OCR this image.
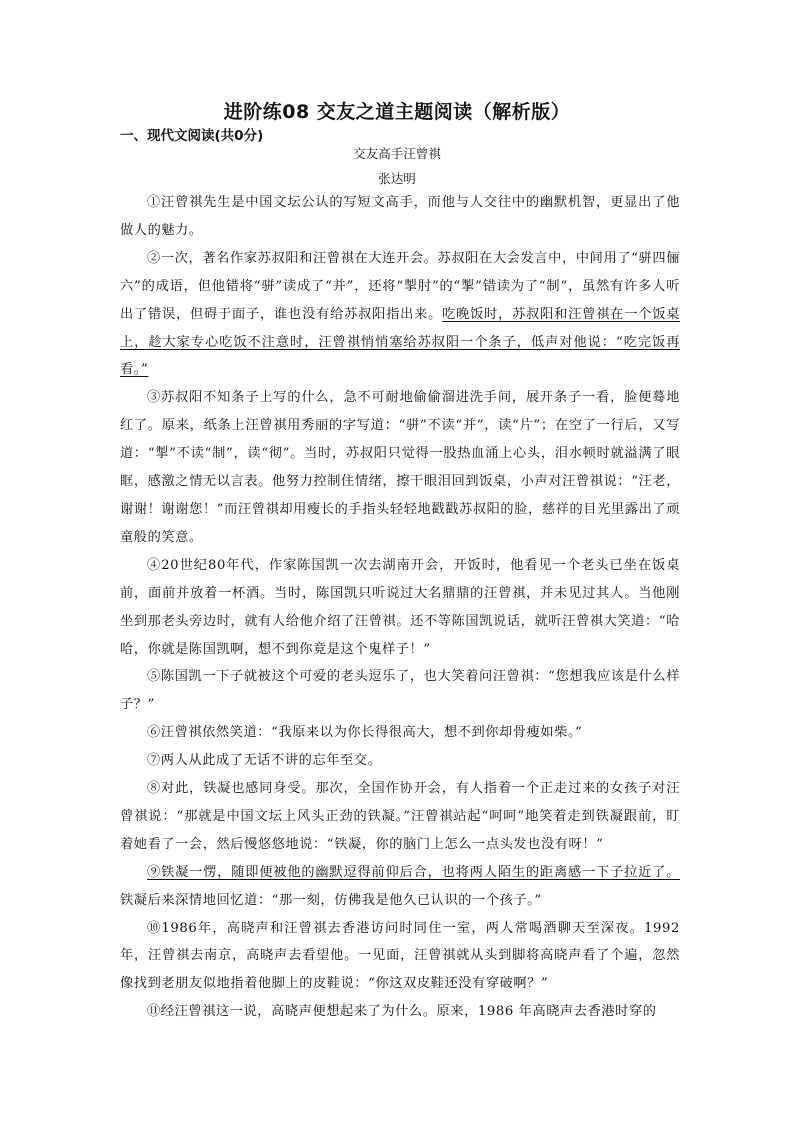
进阶练08 交友之道主题阅读（解析版）
一、现代文阅读(共0分)
交友高手汪曾祺
张达明

①汪曾祺先生是中国文坛公认的写短文高手，而他与人交往中的幽默机智，更显出了他做人的魅力。

②一次，著名作家苏叔阳和汪曾祺在大连开会。苏叔阳在大会发言中，中间用了“骈四俪六”的成语，但他错将“骈”读成了“并”，还将“掣肘”的“掣”错读为了“制”，虽然有许多人听出了错误，但碍于面子，谁也没有给苏叔阳指出来。吃晚饭时，苏叔阳和汪曾祺在一个饭桌上，趁大家专心吃饭不注意时，汪曾祺悄悄塞给苏叔阳一个条子，低声对他说：“吃完饭再看。”

③苏叔阳不知条子上写的什么，急不可耐地偷偷溜进洗手间，展开条子一看，脸便蓦地红了。原来，纸条上汪曾祺用秀丽的字写道：“骈”不读“并”，读“片”；在空了一行后，又写道：“掣”不读“制”，读“彻”。当时，苏叔阳只觉得一股热血涌上心头，泪水顿时就溢满了眼眶，感激之情无以言表。他努力控制住情绪，擦干眼泪回到饭桌，小声对汪曾祺说：“汪老，谢谢！谢谢您！”而汪曾祺却用瘦长的手指头轻轻地戳戳苏叔阳的脸，慈祥的目光里露出了顽童般的笑意。

④20世纪80年代，作家陈国凯一次去湖南开会，开饭时，他看见一个老头已坐在饭桌前，面前并放着一杯酒。当时，陈国凯只听说过大名鼎鼎的汪曾祺，并未见过其人。当他刚坐到那老头旁边时，就有人给他介绍了汪曾祺。还不等陈国凯说话，就听汪曾祺大笑道：“哈哈，你就是陈国凯啊，想不到你竟是这个鬼样子！”

⑤陈国凯一下子就被这个可爱的老头逗乐了，也大笑着问汪曾祺：“您想我应该是什么样子？”

⑥汪曾祺依然笑道：“我原来以为你长得很高大，想不到你却骨瘦如柴。”

⑦两人从此成了无话不讲的忘年至交。

⑧对此，铁凝也感同身受。那次，全国作协开会，有人指着一个正走过来的女孩子对汪曾祺说：“那就是中国文坛上风头正劲的铁凝。”汪曾祺站起“呵呵”地笑着走到铁凝跟前，盯着她看了一会，然后慢悠悠地说：“铁凝，你的脑门上怎么一点头发也没有呀！”

⑨铁凝一愣，随即便被他的幽默逗得前仰后合，也将两人陌生的距离感一下子拉近了。铁凝后来深情地回忆道：“那一刻，仿佛我是他久已认识的一个孩子。”

⑩1986年，高晓声和汪曾祺去香港访问时同住一室，两人常喝酒聊天至深夜。1992年，汪曾祺去南京，高晓声去看望他。一见面，汪曾祺就从头到脚将高晓声看了个遍，忽然像找到老朋友似地指着他脚上的皮鞋说：“你这双皮鞋还没有穿破啊？”

⑪经汪曾祺这一说，高晓声便想起来了为什么。原来，1986 年高晓声去香港时穿的
